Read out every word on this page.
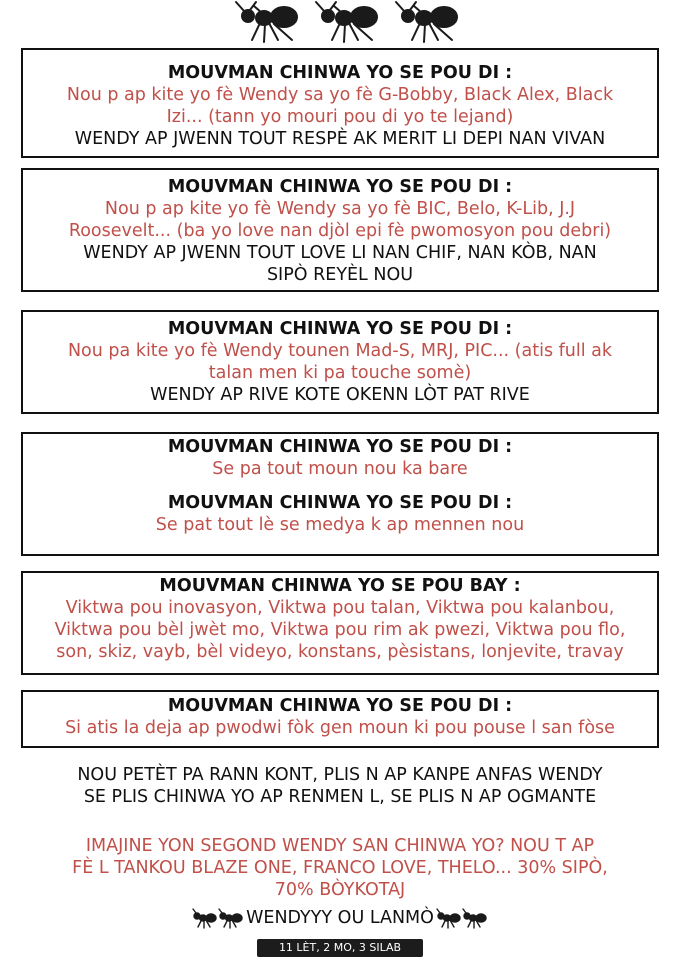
MOUVMAN CHINWA YO SE POU DI :
Nou p ap kite yo fè Wendy sa yo fè G-Bobby, Black Alex, Black
Izi... (tann yo mouri pou di yo te lejand)
WENDY AP JWENN TOUT RESPÈ AK MERIT LI DEPI NAN VIVAN
MOUVMAN CHINWA YO SE POU DI :
Nou p ap kite yo fè Wendy sa yo fè BIC, Belo, K-Lib, J.J
Roosevelt... (ba yo love nan djòl epi fè pwomosyon pou debri)
WENDY AP JWENN TOUT LOVE LI NAN CHIF, NAN KÒB, NAN
SIPÒ REYÈL NOU
MOUVMAN CHINWA YO SE POU DI :
Nou pa kite yo fè Wendy tounen Mad-S, MRJ, PIC... (atis full ak
talan men ki pa touche somè)
WENDY AP RIVE KOTE OKENN LÒT PAT RIVE
MOUVMAN CHINWA YO SE POU DI :
Se pa tout moun nou ka bare
MOUVMAN CHINWA YO SE POU DI :
Se pat tout lè se medya k ap mennen nou
MOUVMAN CHINWA YO SE POU BAY :
Viktwa pou inovasyon, Viktwa pou talan, Viktwa pou kalanbou,
Viktwa pou bèl jwèt mo, Viktwa pou rim ak pwezi, Viktwa pou flo,
son, skiz, vayb, bèl videyo, konstans, pèsistans, lonjevite, travay
MOUVMAN CHINWA YO SE POU DI :
Si atis la deja ap pwodwi fòk gen moun ki pou pouse l san fòse
NOU PETÈT PA RANN KONT, PLIS N AP KANPE ANFAS WENDY
SE PLIS CHINWA YO AP RENMEN L, SE PLIS N AP OGMANTE
IMAJINE YON SEGOND WENDY SAN CHINWA YO? NOU T AP
FÈ L TANKOU BLAZE ONE, FRANCO LOVE, THELO... 30% SIPÒ,
70% BÒYKOTAJ
WENDYYY OU LANMÒ
11 LÈT, 2 MO, 3 SILAB
